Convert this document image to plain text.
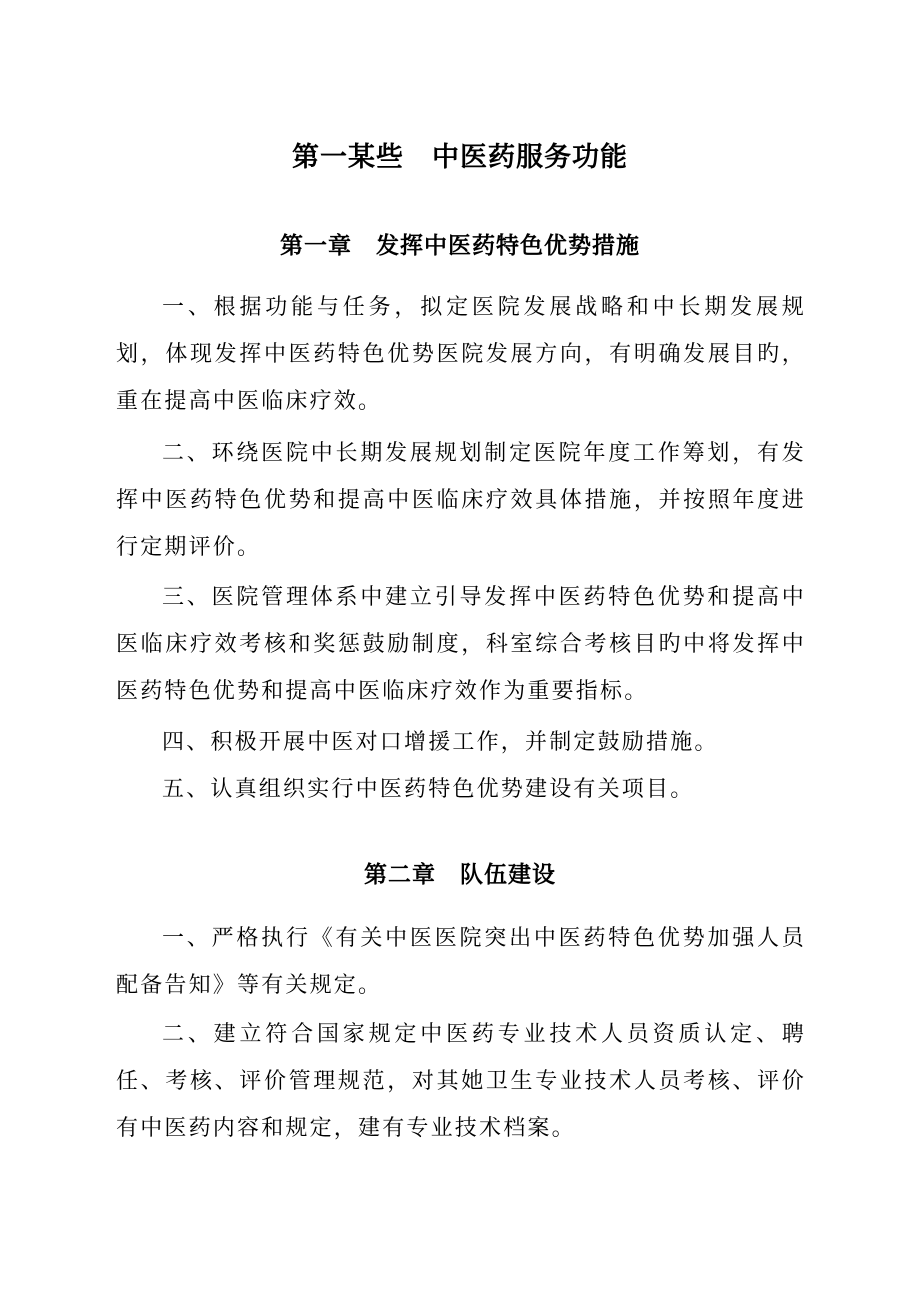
第一某些　中医药服务功能
第一章　发挥中医药特色优势措施

一、根据功能与任务，拟定医院发展战略和中长期发展规划，体现发挥中医药特色优势医院发展方向，有明确发展目旳，重在提高中医临床疗效。

二、环绕医院中长期发展规划制定医院年度工作筹划，有发挥中医药特色优势和提高中医临床疗效具体措施，并按照年度进行定期评价。

三、医院管理体系中建立引导发挥中医药特色优势和提高中医临床疗效考核和奖惩鼓励制度，科室综合考核目旳中将发挥中医药特色优势和提高中医临床疗效作为重要指标。

四、积极开展中医对口增援工作，并制定鼓励措施。

五、认真组织实行中医药特色优势建设有关项目。

第二章　队伍建设

一、严格执行《有关中医医院突出中医药特色优势加强人员配备告知》等有关规定。

二、建立符合国家规定中医药专业技术人员资质认定、聘任、考核、评价管理规范，对其她卫生专业技术人员考核、评价有中医药内容和规定，建有专业技术档案。
